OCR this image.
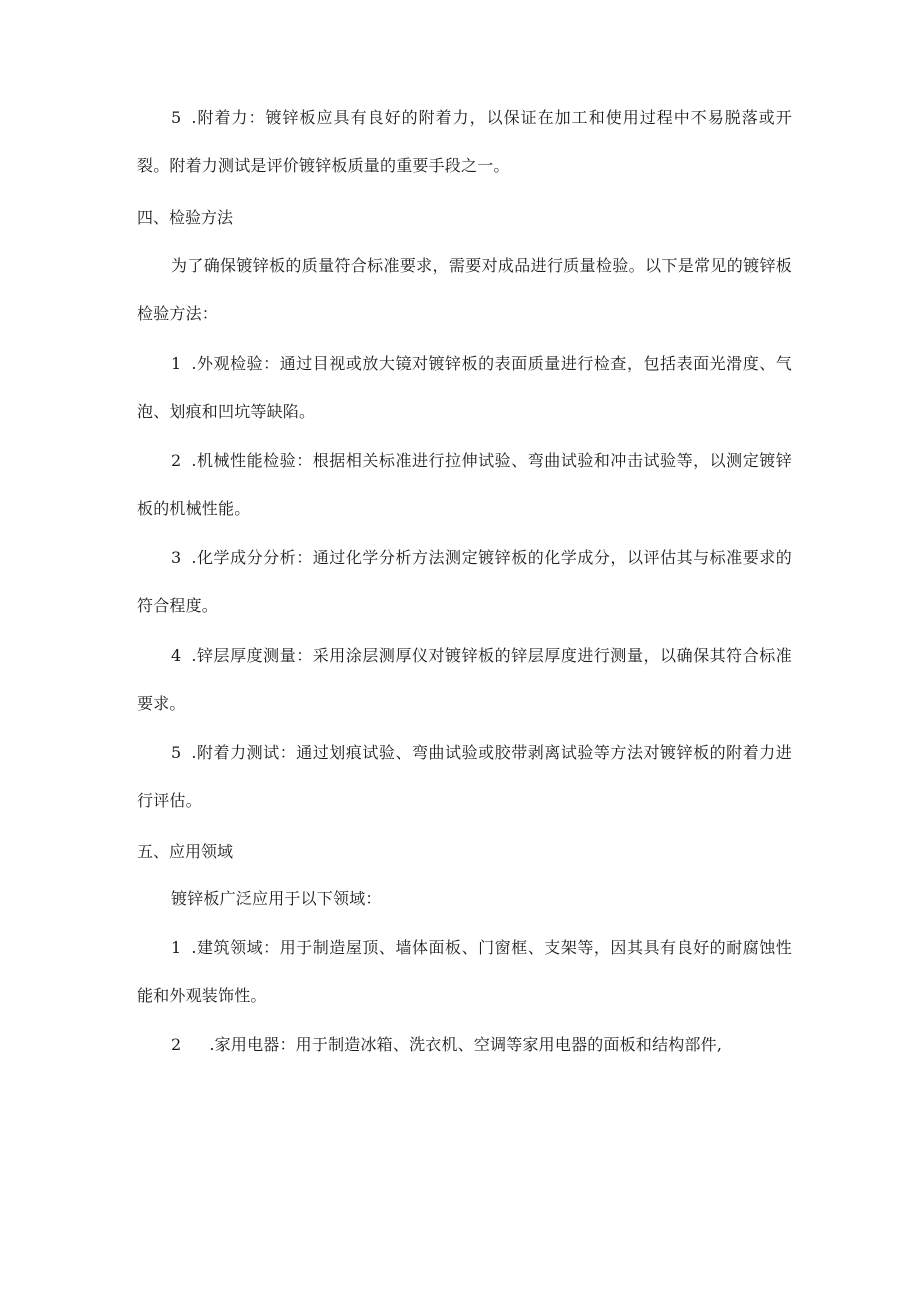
5 .附着力：镀锌板应具有良好的附着力，以保证在加工和使用过程中不易脱落或开裂。附着力测试是评价镀锌板质量的重要手段之一。

四、检验方法

为了确保镀锌板的质量符合标准要求，需要对成品进行质量检验。以下是常见的镀锌板检验方法：

1 .外观检验：通过目视或放大镜对镀锌板的表面质量进行检查，包括表面光滑度、气泡、划痕和凹坑等缺陷。

2 .机械性能检验：根据相关标准进行拉伸试验、弯曲试验和冲击试验等，以测定镀锌板的机械性能。

3 .化学成分分析：通过化学分析方法测定镀锌板的化学成分，以评估其与标准要求的符合程度。

4 .锌层厚度测量：采用涂层测厚仪对镀锌板的锌层厚度进行测量，以确保其符合标准要求。

5 .附着力测试：通过划痕试验、弯曲试验或胶带剥离试验等方法对镀锌板的附着力进行评估。

五、应用领域

镀锌板广泛应用于以下领域：

1 .建筑领域：用于制造屋顶、墙体面板、门窗框、支架等，因其具有良好的耐腐蚀性能和外观装饰性。

2 .家用电器：用于制造冰箱、洗衣机、空调等家用电器的面板和结构部件,
